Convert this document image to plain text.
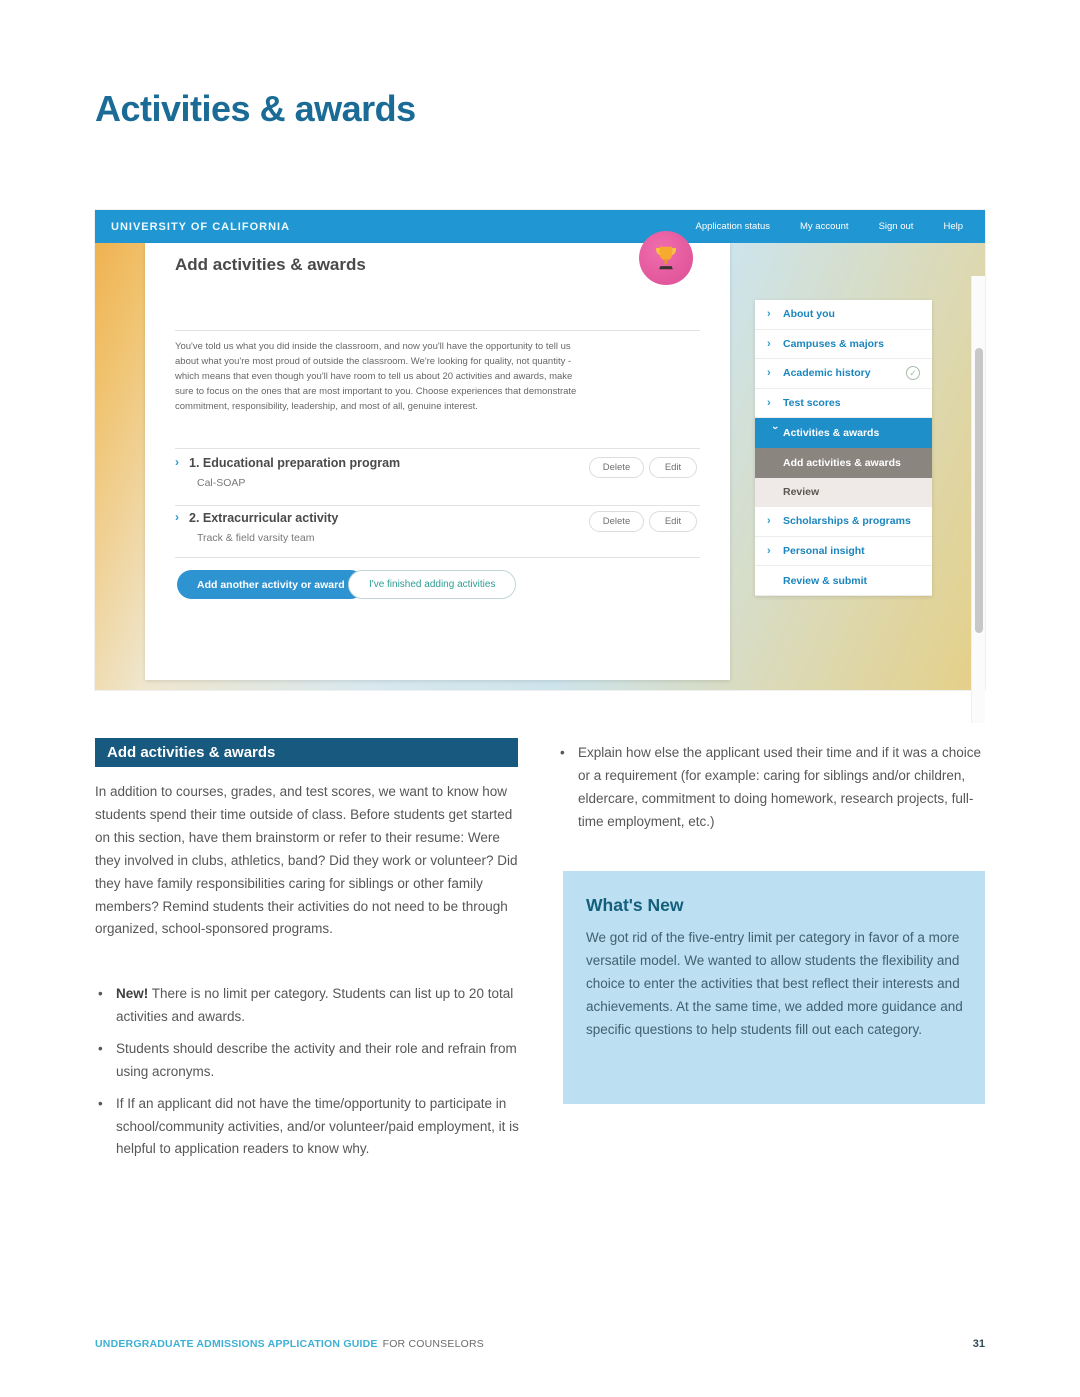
Activities & awards
UNIVERSITY OF CALIFORNIA	Application status	My account	Sign out	Help
Add activities & awards

You've told us what you did inside the classroom, and now you'll have the opportunity to tell us about what you're most proud of outside the classroom. We're looking for quality, not quantity - which means that even though you'll have room to tell us about 20 activities and awards, make sure to focus on the ones that are most important to you. Choose experiences that demonstrate commitment, responsibility, leadership, and most of all, genuine interest.

› 1. Educational preparation program
Cal-SOAP
Delete	Edit
› 2. Extracurricular activity
Track & field varsity team
Delete	Edit
Add another activity or award	I've finished adding activities
›	About you
›	Campuses & majors
›	Academic history	✓
›	Test scores
› Activities & awards
Add activities & awards
Review
›	Scholarships & programs
›	Personal insight
Review & submit
Add activities & awards

In addition to courses, grades, and test scores, we want to know how students spend their time outside of class. Before students get started on this section, have them brainstorm or refer to their resume: Were they involved in clubs, athletics, band? Did they work or volunteer? Did they have family responsibilities caring for siblings or other family members? Remind students their activities do not need to be through organized, school-sponsored programs.

• New! There is no limit per category. Students can list up to 20 total activities and awards.
• Students should describe the activity and their role and refrain from using acronyms.
• If If an applicant did not have the time/opportunity to participate in school/community activities, and/or volunteer/paid employment, it is helpful to application readers to know why.
• Explain how else the applicant used their time and if it was a choice or a requirement (for example: caring for siblings and/or children, eldercare, commitment to doing homework, research projects, full-time employment, etc.)
What's New

We got rid of the five-entry limit per category in favor of a more versatile model. We wanted to allow students the flexibility and choice to enter the activities that best reflect their interests and achievements. At the same time, we added more guidance and specific questions to help students fill out each category.

UNDERGRADUATE ADMISSIONS APPLICATION GUIDE FOR COUNSELORS	31
